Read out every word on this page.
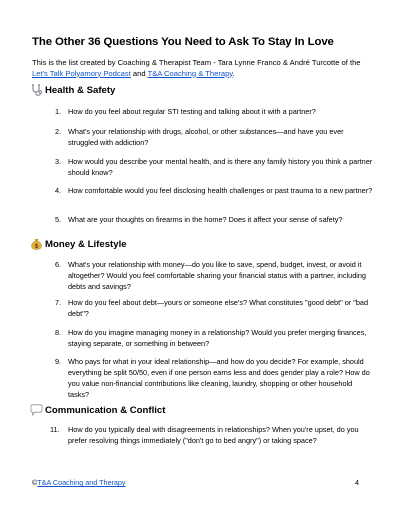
The Other 36 Questions You Need to Ask To Stay In Love
This is the list created by Coaching & Therapist Team - Tara Lynne Franco & André Turcotte of the Let's Talk Polyamory Podcast and T&A Coaching & Therapy.
Health & Safety
1. How do you feel about regular STI testing and talking about it with a partner?
2. What's your relationship with drugs, alcohol, or other substances—and have you ever struggled with addiction?
3. How would you describe your mental health, and is there any family history you think a partner should know?
4. How comfortable would you feel disclosing health challenges or past trauma to a new partner?
5. What are your thoughts on firearms in the home? Does it affect your sense of safety?
$ Money & Lifestyle
6. What's your relationship with money—do you like to save, spend, budget, invest, or avoid it altogether? Would you feel comfortable sharing your financial status with a partner, including debts and savings?
7. How do you feel about debt—yours or someone else's? What constitutes "good debt" or "bad debt"?
8. How do you imagine managing money in a relationship? Would you prefer merging finances, staying separate, or something in between?
9. Who pays for what in your ideal relationship—and how do you decide? For example, should everything be split 50/50, even if one person earns less and does gender play a role? How do you value non-financial contributions like cleaning, laundry, shopping or other household tasks?
Communication & Conflict
11. How do you typically deal with disagreements in relationships? When you're upset, do you prefer resolving things immediately ("don't go to bed angry") or taking space?
©T&A Coaching and Therapy	4
